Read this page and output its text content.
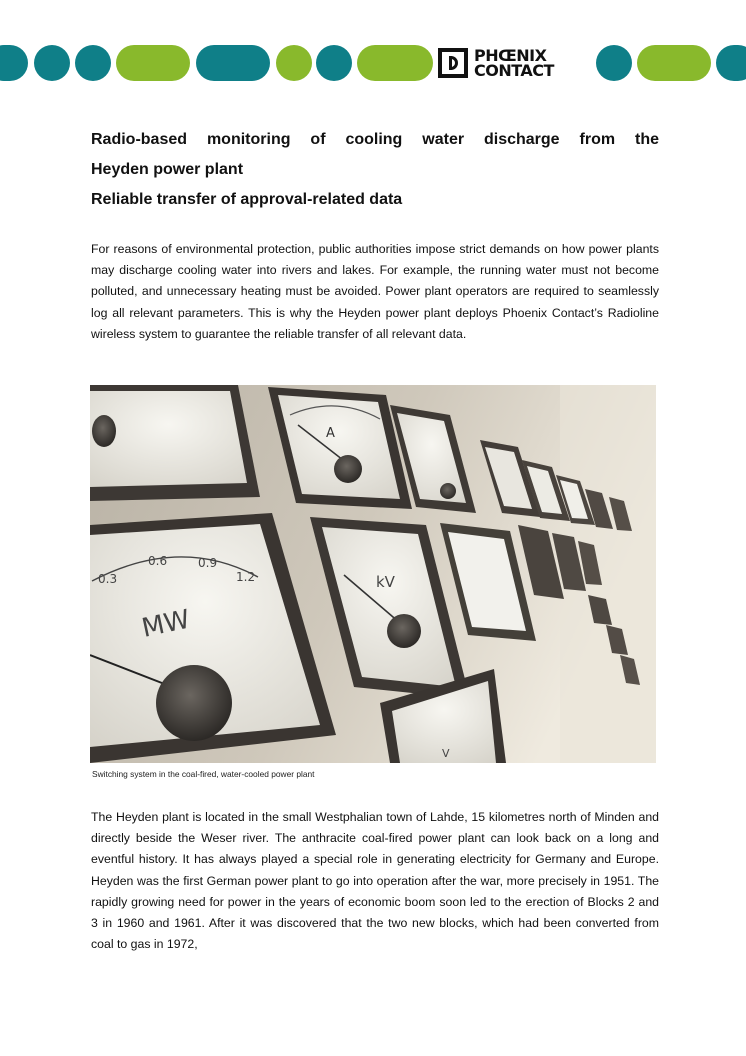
PHŒNIX
CONTACT
Radio-based monitoring of cooling water discharge from the
Heyden power plant
Reliable transfer of approval-related data

For reasons of environmental protection, public authorities impose strict demands on how power plants may discharge cooling water into rivers and lakes. For example, the running water must not become polluted, and unnecessary heating must be avoided. Power plant operators are required to seamlessly log all relevant parameters. This is why the Heyden power plant deploys Phoenix Contact’s Radioline wireless system to guarantee the reliable transfer of all relevant data.

A
MW
0.3
0.6	0.9
1.2	kV
V

Switching system in the coal-fired, water-cooled power plant

The Heyden plant is located in the small Westphalian town of Lahde, 15 kilometres north of Minden and directly beside the Weser river. The anthracite coal-fired power plant can look back on a long and eventful history. It has always played a special role in generating electricity for Germany and Europe. Heyden was the first German power plant to go into operation after the war, more precisely in 1951. The rapidly growing need for power in the years of economic boom soon led to the erection of Blocks 2 and 3 in 1960 and 1961. After it was discovered that the two new blocks, which had been converted from coal to gas in 1972,
